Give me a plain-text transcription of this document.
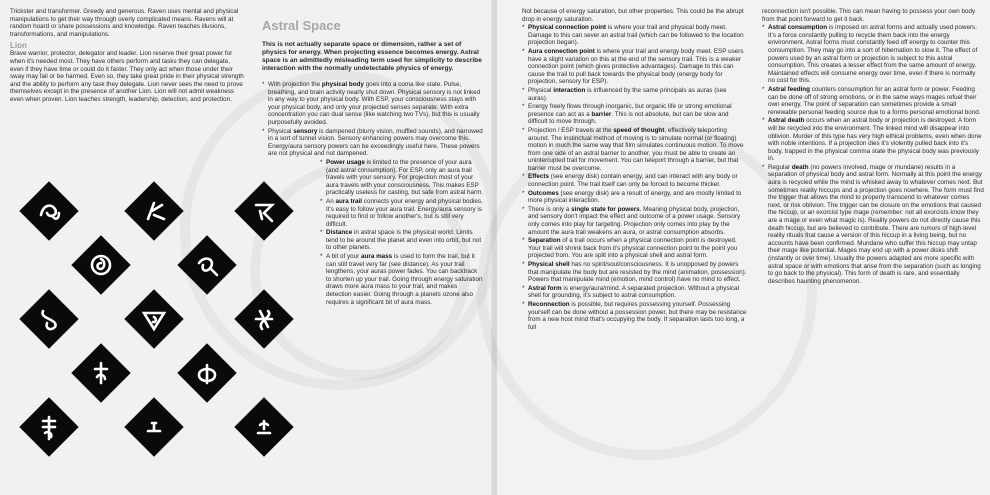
Trickster and transformer. Greedy and generous. Raven uses mental and physical manipulations to get their way through overly complicated means. Ravens will at random hoard or share possessions and knowledge. Raven teaches illusions, transformations, and manipulations.

Lion

Brave warrior, protector, delegator and leader. Lion reserve their great power for when it's needed most. They have others perform and tasks they can delegate, even if they have time or could do it faster. They only act when those under their sway may fail or be harmed. Even so, they take great pride in their physical strength and the ability to perform any task they delegate. Lion never sees the need to prove themselves except in the presence of another Lion. Lion will not admit weakness even when proven. Lion teaches strength, leadership, detection, and protection.

Astral Space
This is not actually separate space or dimension, rather a set of physics for energy. When projecting essence becomes energy. Astral space is an admittedly misleading term used for simplicity to describe interaction with the normally undetectable physics of energy.
* With projection the physical body goes into a coma like state. Pulse, breathing, and brain activity nearly shut down. Physical sensory is not linked in any way to your physical body. With ESP, your consciousness stays with your physical body, and only your projected senses separate. With extra concentration you can dual sense (like watching two TVs), but this is usually purposefully avoided.
* Physical sensory is dampened (blurry vision, muffled sounds), and narrowed in a sort of tunnel vision. Sensory enhancing powers may overcome this. Energy/aura sensory powers can be exceedingly useful here. These powers are not physical and not dampened.
* Power usage is limited to the presence of your aura (and astral consumption). For ESP, only an aura trail travels with your sensory. For projection most of your aura travels with your consciousness. This makes ESP practically useless for casting, but safe from astral harm.
* An aura trail connects your energy and physical bodies. It's easy to follow your aura trail. Energy/aura sensory is required to find or follow another's, but is still very difficult.
* Distance in astral space is the physical world. Limits tend to be around the planet and even into orbit, but not to other planets.
* A bit of your aura mass is used to form the trail, but it can still travel very far (see distance). As your trail lengthens, your auras power fades. You can backtrack to shorten up your trail. Going through energy saturation draws more aura mass to your trail, and makes detection easier. Going through a planets ozone also requires a significant bit of aura mass.
Not because of energy saturation, but other properties. This could be the abrupt drop in energy saturation.
* Physical connection point is where your trail and physical body meet. Damage to this can sever an astral trail (which can be followed to the location projection began).
* Aura connection point is where your trail and energy body meet. ESP users have a slight variation on this at the end of the sensory trail. This is a weaker connection point (which gives protective advantages). Damage to this can cause the trail to pull back towards the physical body (energy body for projection, sensory for ESP).
* Physical interaction is influenced by the same principals as auras (see auras).
* Energy freely flows through inorganic, but organic life or strong emotional presence can act as a barrier. This is not absolute, but can be slow and difficult to move through.
* Projection / ESP travels at the speed of thought, effectively teleporting around. The instinctual method of moving is to simulate normal (or floating) motion in much the same way that film simulates continuous motion. To move from one side of an astral barrier to another, you must be able to create an uninterrupted trail for movement. You can teleport through a barrier, but that barrier must be overcome.
* Effects (see energy disk) contain energy, and can interact with any body or connection point. The trail itself can only be forced to become thicker.
* Outcomes (see energy disk) are a result of energy, and are mostly limited to more physical interaction.
* There is only a single state for powers. Meaning physical body, projection, and sensory don't impact the effect and outcome of a power usage. Sensory only comes into play for targeting. Projection only comes into play by the amount the aura trail weakens an aura, or astral consumption absorbs.
* Separation of a trail occurs when a physical connection point is destroyed. Your trail will shrink back from it's physical connection point to the point you projected from. You are split into a physical shell and astral form.
* Physical shell has no spirit/soul/consciousness. It is unopposed by powers that manipulate the body but are resisted by the mind (animation, possession). Powers that manipulate mind (emotion, mind control) have no mind to effect.
* Astral form is energy/aura/mind. A separated projection. Without a physical shell for grounding, it's subject to astral consumption.
* Reconnection is possible, but requires possessing yourself. Possessing yourself can be done without a possession power, but there may be resistance from a new host mind that's occupying the body. If separation lasts too long, a full
reconnection isn't possible. This can mean having to possess your own body from that point forward to get it back.
* Astral consumption is imposed on astral forms and actually used powers. It's a force constantly pulling to recycle them back into the energy environment. Astral forms must constantly feed off energy to counter this consumption. They may go into a sort of hibernation to slow it. The effect of powers used by an astral form or projection is subject to this astral consumption. This creates a lesser effect from the same amount of energy. Maintained effects will consume energy over time, even if there is normally no cost for this.
* Astral feeding counters consumption for an astral form or power. Feeding can be done off of strong emotions, or in the same ways mages refuel their own energy. The point of separation can sometimes provide a small renewable personal feeding source due to a forms personal emotional bond.
* Astral death occurs when an astral body or projection is destroyed. A form will be recycled into the environment. The linked mind will disappear into oblivion. Murder of this type has very high ethical problems, even when done with noble intentions. If a projection dies it's violently pulled back into it's body, trapped in the physical comma state the physical body was previously in.
* Regular death (no powers involved, mage or mundane) results in a separation of physical body and astral form. Normally at this point the energy aura is recycled while the mind is whisked away to whatever comes next. But sometimes reality hiccups and a projection goes nowhere. The form must find the trigger that allows the mind to properly transcend to whatever comes next, or risk oblivion. The trigger can be closure on the emotions that caused the hiccup, or an exorcist type mage (remember: not all exorcists know they are a mage or even what magic is). Reality powers do not directly cause this death hiccup, but are believed to contribute. There are rumors of high-level reality rituals that cause a version of this hiccup in a living being, but no accounts have been confirmed. Mundane who suffer this hiccup may untap their mage like potential. Mages may end up with a power disks shift (instantly or over time). Usually the powers adapted are more specific with astral space or with emotions that arise from the separation (such as longing to go back to the physical). This form of death is rare, and essentially describes haunting phenomenon.
